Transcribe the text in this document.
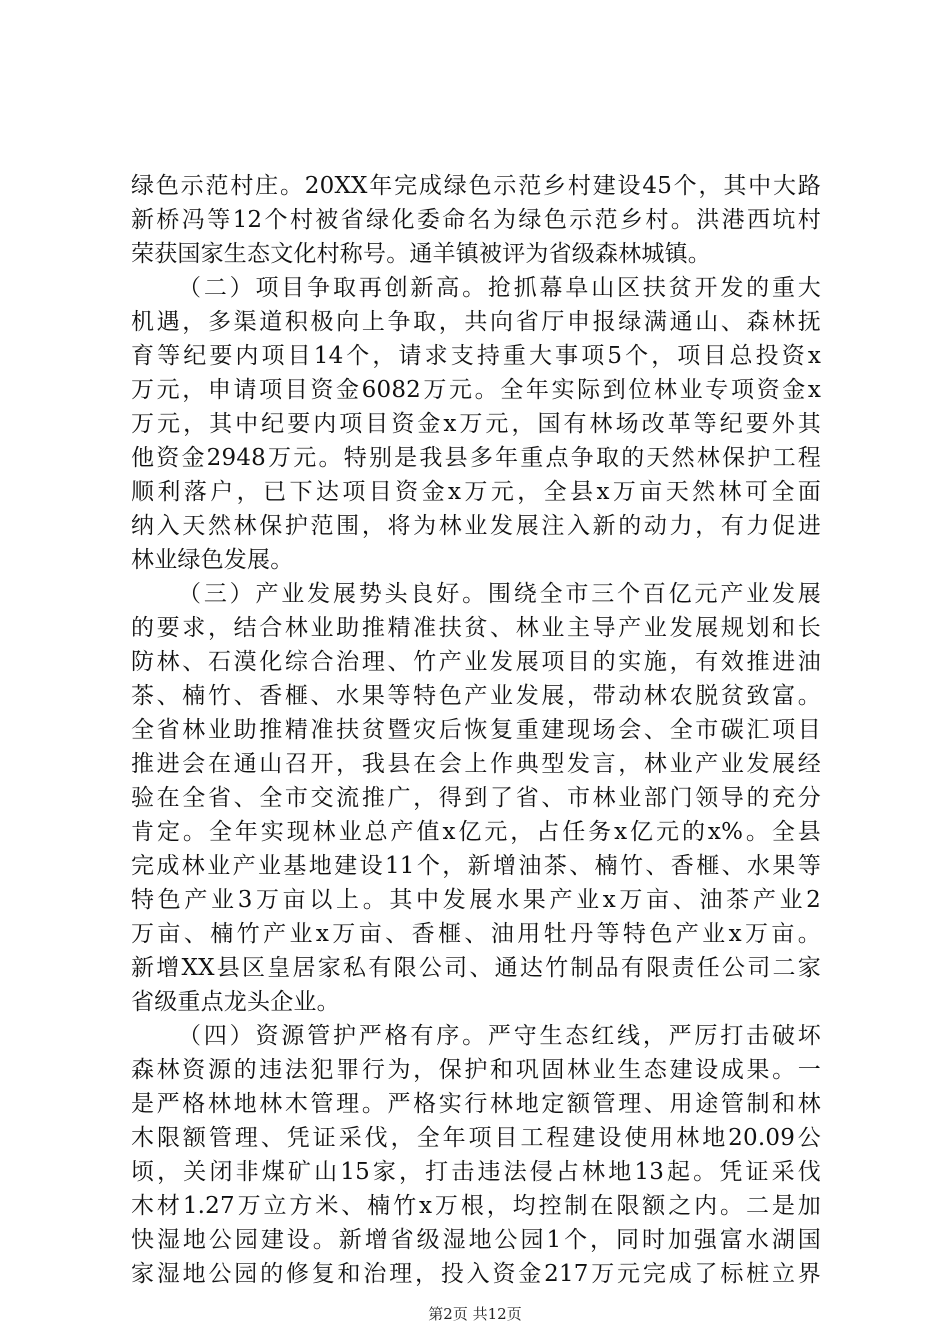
绿色示范村庄。20XX年完成绿色示范乡村建设45个，其中大路
新桥冯等12个村被省绿化委命名为绿色示范乡村。洪港西坑村
荣获国家生态文化村称号。通羊镇被评为省级森林城镇。
（二）项目争取再创新高。抢抓幕阜山区扶贫开发的重大
机遇，多渠道积极向上争取，共向省厅申报绿满通山、森林抚
育等纪要内项目14个，请求支持重大事项5个，项目总投资x
万元，申请项目资金6082万元。全年实际到位林业专项资金x
万元，其中纪要内项目资金x万元，国有林场改革等纪要外其
他资金2948万元。特别是我县多年重点争取的天然林保护工程
顺利落户，已下达项目资金x万元，全县x万亩天然林可全面
纳入天然林保护范围，将为林业发展注入新的动力，有力促进
林业绿色发展。
（三）产业发展势头良好。围绕全市三个百亿元产业发展
的要求，结合林业助推精准扶贫、林业主导产业发展规划和长
防林、石漠化综合治理、竹产业发展项目的实施，有效推进油
茶、楠竹、香榧、水果等特色产业发展，带动林农脱贫致富。
全省林业助推精准扶贫暨灾后恢复重建现场会、全市碳汇项目
推进会在通山召开，我县在会上作典型发言，林业产业发展经
验在全省、全市交流推广，得到了省、市林业部门领导的充分
肯定。全年实现林业总产值x亿元，占任务x亿元的x%。全县
完成林业产业基地建设11个，新增油茶、楠竹、香榧、水果等
特色产业3万亩以上。其中发展水果产业x万亩、油茶产业2
万亩、楠竹产业x万亩、香榧、油用牡丹等特色产业x万亩。
新增XX县区皇居家私有限公司、通达竹制品有限责任公司二家
省级重点龙头企业。
（四）资源管护严格有序。严守生态红线，严厉打击破坏
森林资源的违法犯罪行为，保护和巩固林业生态建设成果。一
是严格林地林木管理。严格实行林地定额管理、用途管制和林
木限额管理、凭证采伐，全年项目工程建设使用林地20.09公
顷，关闭非煤矿山15家，打击违法侵占林地13起。凭证采伐
木材1.27万立方米、楠竹x万根，均控制在限额之内。二是加
快湿地公园建设。新增省级湿地公园1个，同时加强富水湖国
家湿地公园的修复和治理，投入资金217万元完成了标桩立界
第2页 共12页
